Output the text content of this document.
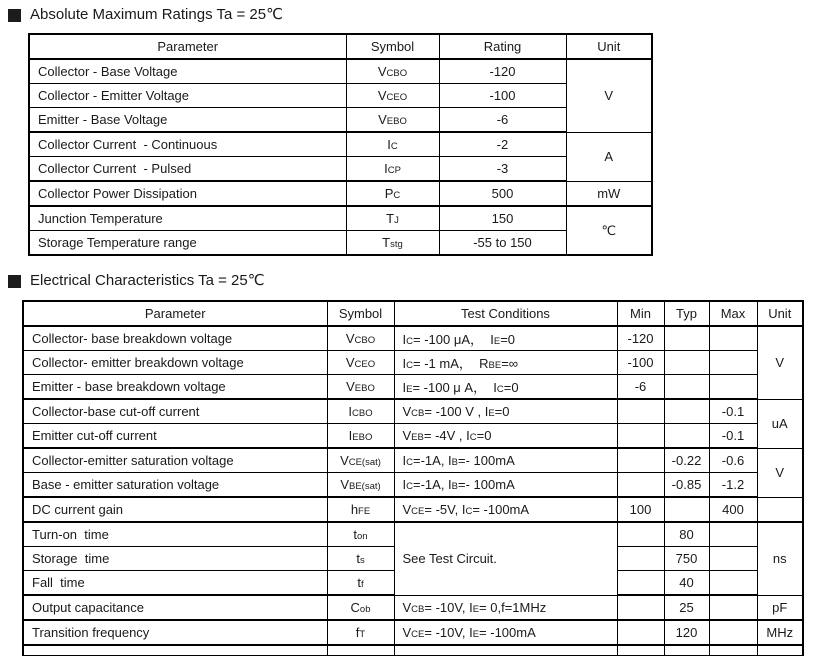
Absolute Maximum Ratings Ta = 25℃
Parameter	Symbol	Rating	Unit
Collector - Base Voltage	VCBO	-120	V
Collector - Emitter Voltage	VCEO	-100	
Emitter - Base Voltage	VEBO	-6	
Collector Current  - Continuous	IC	-2	A
Collector Current  - Pulsed	ICP	-3	
Collector Power Dissipation	PC	500	mW
Junction Temperature	TJ	150	℃
Storage Temperature range	Tstg	-55 to 150	
Electrical Characteristics Ta = 25℃
Parameter	Symbol	Test Conditions	Min	Typ	Max	Unit
Collector- base breakdown voltage	VCBO	IC= -100 μA，  IE=0	-120			V
Collector- emitter breakdown voltage	VCEO	IC= -1 mA，  RBE=∞	-100			
Emitter - base breakdown voltage	VEBO	IE= -100 μ A，  IC=0	-6			
Collector-base cut-off current	ICBO	VCB= -100 V , IE=0			-0.1	uA
Emitter cut-off current	IEBO	VEB= -4V , IC=0			-0.1	
Collector-emitter saturation voltage	VCE(sat)	IC=-1A, IB=- 100mA		-0.22	-0.6	V
Base - emitter saturation voltage	VBE(sat)	IC=-1A, IB=- 100mA		-0.85	-1.2	
DC current gain	hFE	VCE= -5V, IC= -100mA	100		400	
Turn-on  time	ton	See Test Circuit.		80		ns
Storage  time	ts			750		
Fall  time	tf			40		
Output capacitance	Cob	VCB= -10V, IE= 0,f=1MHz		25		pF
Transition frequency	fT	VCE= -10V, IE= -100mA		120		MHz
